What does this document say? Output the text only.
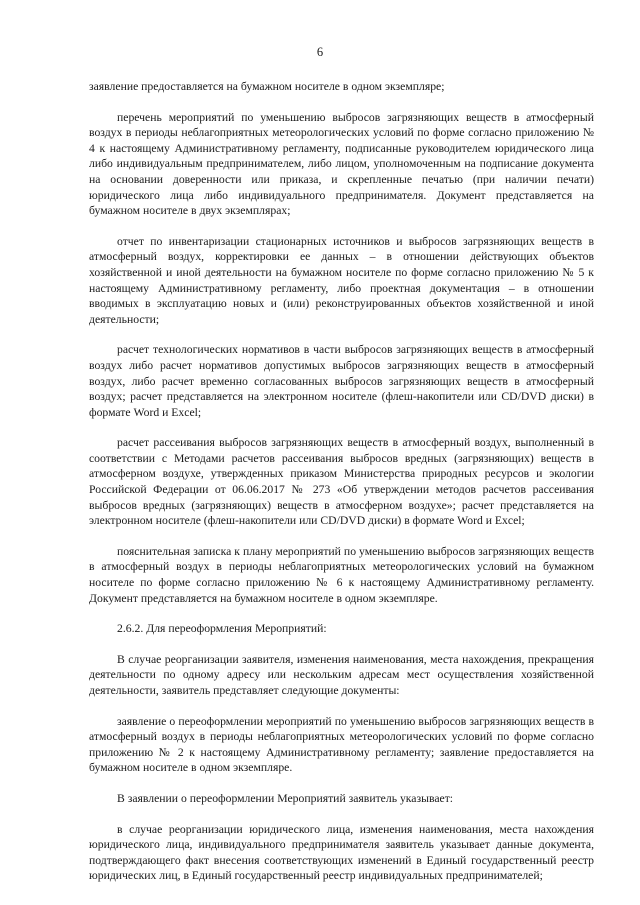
6

заявление предоставляется на бумажном носителе в одном экземпляре;

перечень мероприятий по уменьшению выбросов загрязняющих веществ в атмосферный воздух в периоды неблагоприятных метеорологических условий по форме согласно приложению № 4 к настоящему Административному регламенту, подписанные руководителем юридического лица либо индивидуальным предпринимателем, либо лицом, уполномоченным на подписание документа на основании доверенности или приказа, и скрепленные печатью (при наличии печати) юридического лица либо индивидуального предпринимателя. Документ представляется на бумажном носителе в двух экземплярах;

отчет по инвентаризации стационарных источников и выбросов загрязняющих веществ в атмосферный воздух, корректировки ее данных – в отношении действующих объектов хозяйственной и иной деятельности на бумажном носителе по форме согласно приложению № 5 к настоящему Административному регламенту, либо проектная документация – в отношении вводимых в эксплуатацию новых и (или) реконструированных объектов хозяйственной и иной деятельности;

расчет технологических нормативов в части выбросов загрязняющих веществ в атмосферный воздух либо расчет нормативов допустимых выбросов загрязняющих веществ в атмосферный воздух, либо расчет временно согласованных выбросов загрязняющих веществ в атмосферный воздух; расчет представляется на электронном носителе (флеш-накопители или CD/DVD диски) в формате Word и Excel;

расчет рассеивания выбросов загрязняющих веществ в атмосферный воздух, выполненный в соответствии с Методами расчетов рассеивания выбросов вредных (загрязняющих) веществ в атмосферном воздухе, утвержденных приказом Министерства природных ресурсов и экологии Российской Федерации от 06.06.2017 № 273 «Об утверждении методов расчетов рассеивания выбросов вредных (загрязняющих) веществ в атмосферном воздухе»; расчет представляется на электронном носителе (флеш-накопители или CD/DVD диски) в формате Word и Excel;

пояснительная записка к плану мероприятий по уменьшению выбросов загрязняющих веществ в атмосферный воздух в периоды неблагоприятных метеорологических условий на бумажном носителе по форме согласно приложению № 6 к настоящему Административному регламенту. Документ представляется на бумажном носителе в одном экземпляре.

2.6.2. Для переоформления Мероприятий:

В случае реорганизации заявителя, изменения наименования, места нахождения, прекращения деятельности по одному адресу или нескольким адресам мест осуществления хозяйственной деятельности, заявитель представляет следующие документы:

заявление о переоформлении мероприятий по уменьшению выбросов загрязняющих веществ в атмосферный воздух в периоды неблагоприятных метеорологических условий по форме согласно приложению № 2 к настоящему Административному регламенту; заявление предоставляется на бумажном носителе в одном экземпляре.

В заявлении о переоформлении Мероприятий заявитель указывает:

в случае реорганизации юридического лица, изменения наименования, места нахождения юридического лица, индивидуального предпринимателя заявитель указывает данные документа, подтверждающего факт внесения соответствующих изменений в Единый государственный реестр юридических лиц, в Единый государственный реестр индивидуальных предпринимателей;
